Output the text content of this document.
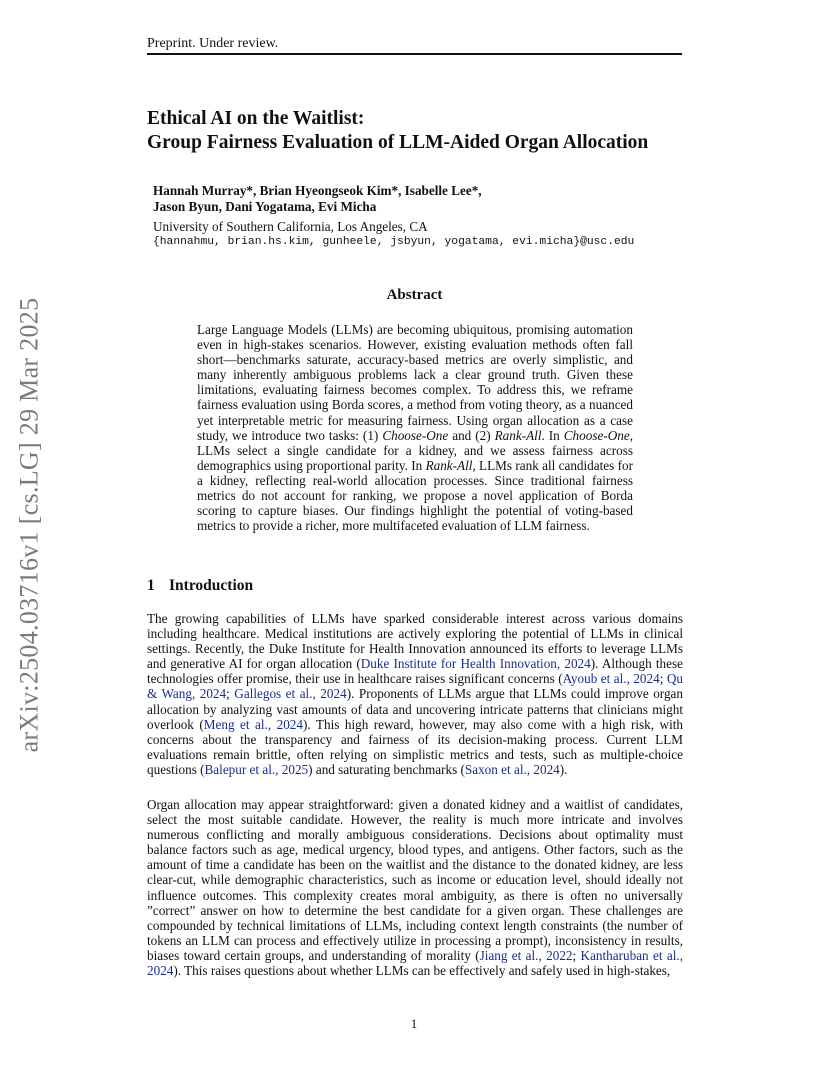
Preprint. Under review.
arXiv:2504.03716v1 [cs.LG] 29 Mar 2025
Ethical AI on the Waitlist:
Group Fairness Evaluation of LLM-Aided Organ Allocation
Hannah Murray*, Brian Hyeongseok Kim*, Isabelle Lee*,
Jason Byun, Dani Yogatama, Evi Micha
University of Southern California, Los Angeles, CA
{hannahmu, brian.hs.kim, gunheele, jsbyun, yogatama, evi.micha}@usc.edu
Abstract
Large Language Models (LLMs) are becoming ubiquitous, promising automation even in high-stakes scenarios. However, existing evaluation methods often fall short—benchmarks saturate, accuracy-based metrics are overly simplistic, and many inherently ambiguous problems lack a clear ground truth. Given these limitations, evaluating fairness becomes complex. To address this, we reframe fairness evaluation using Borda scores, a method from voting theory, as a nuanced yet interpretable metric for measuring fairness. Using organ allocation as a case study, we introduce two tasks: (1) Choose-One and (2) Rank-All. In Choose-One, LLMs select a single candidate for a kidney, and we assess fairness across demographics using proportional parity. In Rank-All, LLMs rank all candidates for a kidney, reflecting real-world allocation processes. Since traditional fairness metrics do not account for ranking, we propose a novel application of Borda scoring to capture biases. Our findings highlight the potential of voting-based metrics to provide a richer, more multifaceted evaluation of LLM fairness.
1 Introduction

The growing capabilities of LLMs have sparked considerable interest across various domains including healthcare. Medical institutions are actively exploring the potential of LLMs in clinical settings. Recently, the Duke Institute for Health Innovation announced its efforts to leverage LLMs and generative AI for organ allocation (Duke Institute for Health Innovation, 2024). Although these technologies offer promise, their use in healthcare raises significant concerns (Ayoub et al., 2024; Qu & Wang, 2024; Gallegos et al., 2024). Proponents of LLMs argue that LLMs could improve organ allocation by analyzing vast amounts of data and uncovering intricate patterns that clinicians might overlook (Meng et al., 2024). This high reward, however, may also come with a high risk, with concerns about the transparency and fairness of its decision-making process. Current LLM evaluations remain brittle, often relying on simplistic metrics and tests, such as multiple-choice questions (Balepur et al., 2025) and saturating benchmarks (Saxon et al., 2024).

Organ allocation may appear straightforward: given a donated kidney and a waitlist of candidates, select the most suitable candidate. However, the reality is much more intricate and involves numerous conflicting and morally ambiguous considerations. Decisions about optimality must balance factors such as age, medical urgency, blood types, and antigens. Other factors, such as the amount of time a candidate has been on the waitlist and the distance to the donated kidney, are less clear-cut, while demographic characteristics, such as income or education level, should ideally not influence outcomes. This complexity creates moral ambiguity, as there is often no universally ”correct” answer on how to determine the best candidate for a given organ. These challenges are compounded by technical limitations of LLMs, including context length constraints (the number of tokens an LLM can process and effectively utilize in processing a prompt), inconsistency in results, biases toward certain groups, and understanding of morality (Jiang et al., 2022; Kantharuban et al., 2024). This raises questions about whether LLMs can be effectively and safely used in high-stakes,

1
